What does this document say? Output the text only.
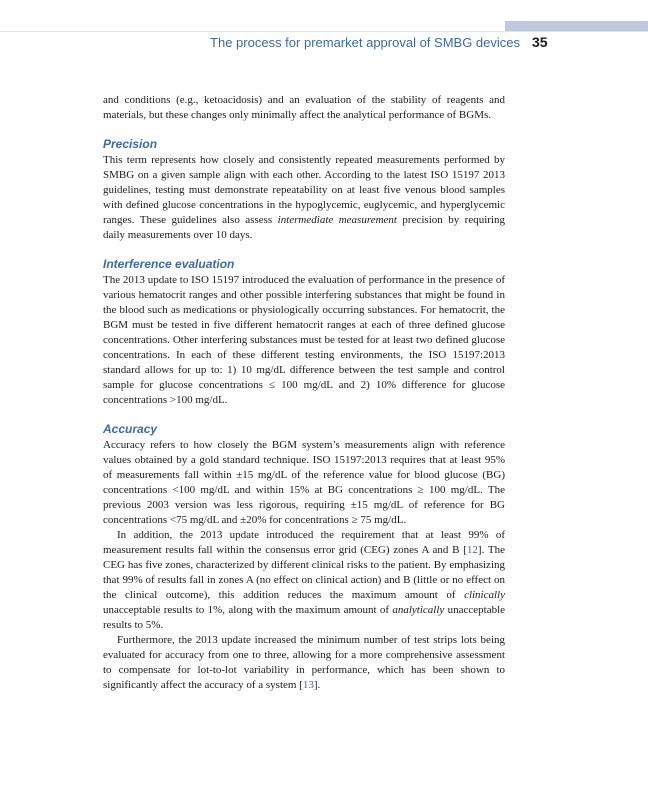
The process for premarket approval of SMBG devices 35

and conditions (e.g., ketoacidosis) and an evaluation of the stability of reagents and materials, but these changes only minimally affect the analytical performance of BGMs.

Precision

This term represents how closely and consistently repeated measurements performed by SMBG on a given sample align with each other. According to the latest ISO 15197 2013 guidelines, testing must demonstrate repeatability on at least five venous blood samples with defined glucose concentrations in the hypoglycemic, euglycemic, and hyperglycemic ranges. These guidelines also assess intermediate measurement precision by requiring daily measurements over 10 days.

Interference evaluation

The 2013 update to ISO 15197 introduced the evaluation of performance in the presence of various hematocrit ranges and other possible interfering substances that might be found in the blood such as medications or physiologically occurring substances. For hematocrit, the BGM must be tested in five different hematocrit ranges at each of three defined glucose concentrations. Other interfering substances must be tested for at least two defined glucose concentrations. In each of these different testing environments, the ISO 15197:2013 standard allows for up to: 1) 10 mg/dL difference between the test sample and control sample for glucose concentrations ≤ 100 mg/dL and 2) 10% difference for glucose concentrations >100 mg/dL.

Accuracy

Accuracy refers to how closely the BGM system’s measurements align with reference values obtained by a gold standard technique. ISO 15197:2013 requires that at least 95% of measurements fall within ±15 mg/dL of the reference value for blood glucose (BG) concentrations <100 mg/dL and within 15% at BG concentrations ≥ 100 mg/dL. The previous 2003 version was less rigorous, requiring ±15 mg/dL of reference for BG concentrations <75 mg/dL and ±20% for concentrations ≥ 75 mg/dL.

In addition, the 2013 update introduced the requirement that at least 99% of measurement results fall within the consensus error grid (CEG) zones A and B [12]. The CEG has five zones, characterized by different clinical risks to the patient. By emphasizing that 99% of results fall in zones A (no effect on clinical action) and B (little or no effect on the clinical outcome), this addition reduces the maximum amount of clinically unacceptable results to 1%, along with the maximum amount of analytically unacceptable results to 5%.

Furthermore, the 2013 update increased the minimum number of test strips lots being evaluated for accuracy from one to three, allowing for a more comprehensive assessment to compensate for lot-to-lot variability in performance, which has been shown to significantly affect the accuracy of a system [13].
